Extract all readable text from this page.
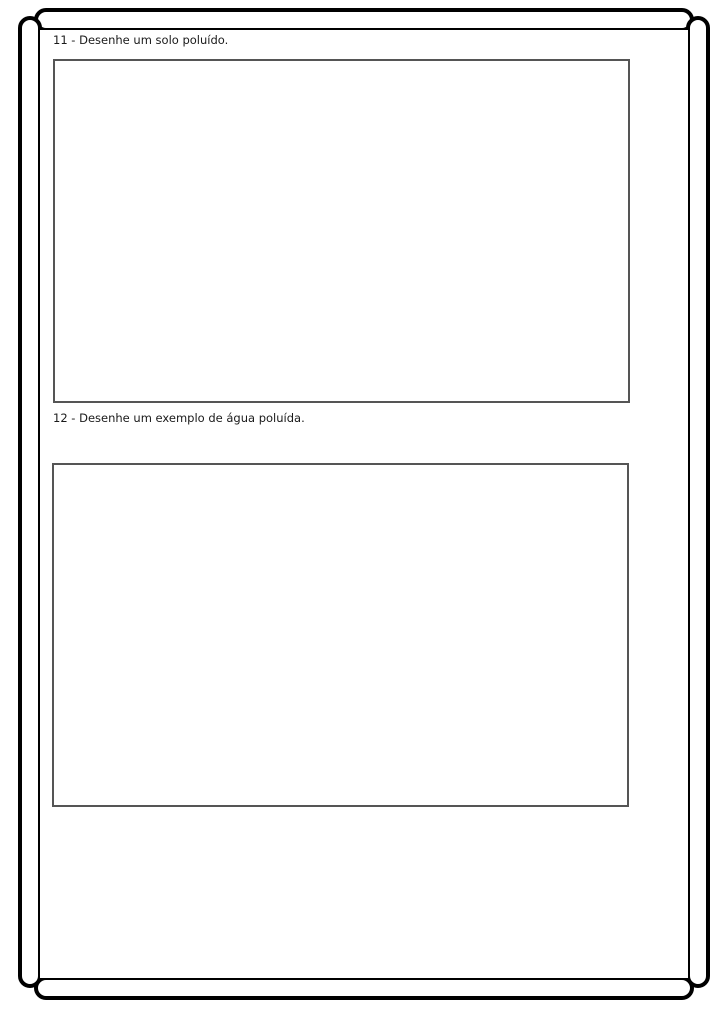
11 - Desenhe um solo poluído.

12 - Desenhe um exemplo de água poluída.
